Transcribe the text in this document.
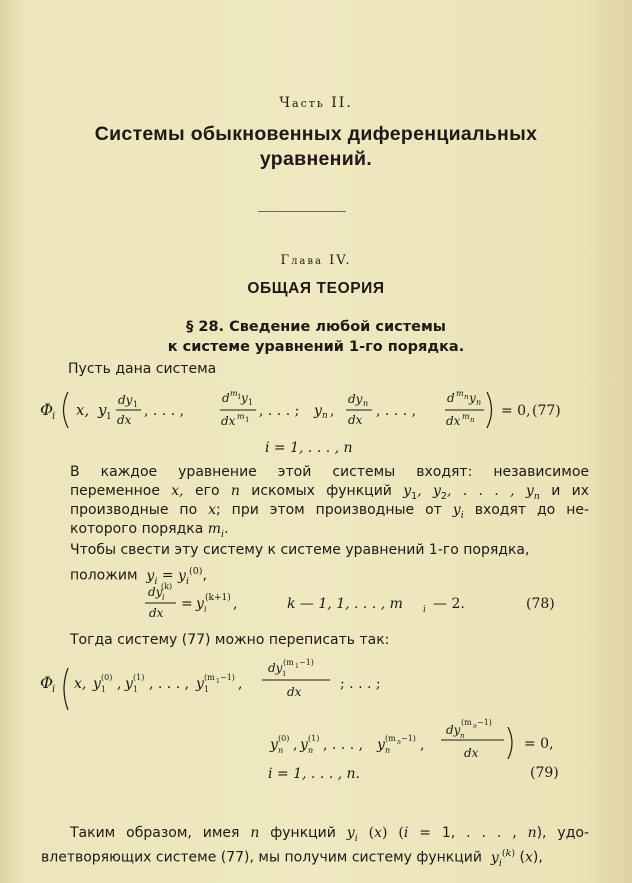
Часть II.
Системы обыкновенных диференциальных
уравнений.
Глава IV.
ОБЩАЯ ТЕОРИЯ
§ 28. Сведение любой системы
к системе уравнений 1-го порядка.
Пусть дана система
Φ
i x, y 1
dy 1
dx
, . . . ,
d m 1 y 1
dx m 1
, . . . ; y n ,
dy n
dx
, . . . ,
d m n y n
dx m n
= 0, (77)
i = 1, . . . , n
В каждое уравнение этой системы входят: независимое
переменное x, его n искомых функций $y_1$, $y_2$, . . . , $y_n$ и их
производные по x; при этом производные от $y_i$ входят до не-
которого порядка $m_i$.
Чтобы свести эту систему к системе уравнений 1-го порядка,
положим $y_i = y_i^{(0)}$,
dy i
(k)
dx
= y i
(k+1) ,	k — 1, 1, . . . , m i — 2.	(78)
Тогда систему (77) можно переписать так:
Φ
i x, y 1
(0) , y 1
(1) , . . . , y 1
(m 1 −1) ,
dy 1
(m 1 −1)
dx	; . . . ;
y n
(0) , y n
(1) , . . . , y n
(m n −1) ,
dy n
(m n −1)
dx
= 0,
i = 1, . . . , n.	(79)
Таким образом, имея n функций $y_i$ (x) (i = 1, . . . , n), удо-
влетворяющих системе (77), мы получим систему функций $y_i^{(k)}$ (x),
